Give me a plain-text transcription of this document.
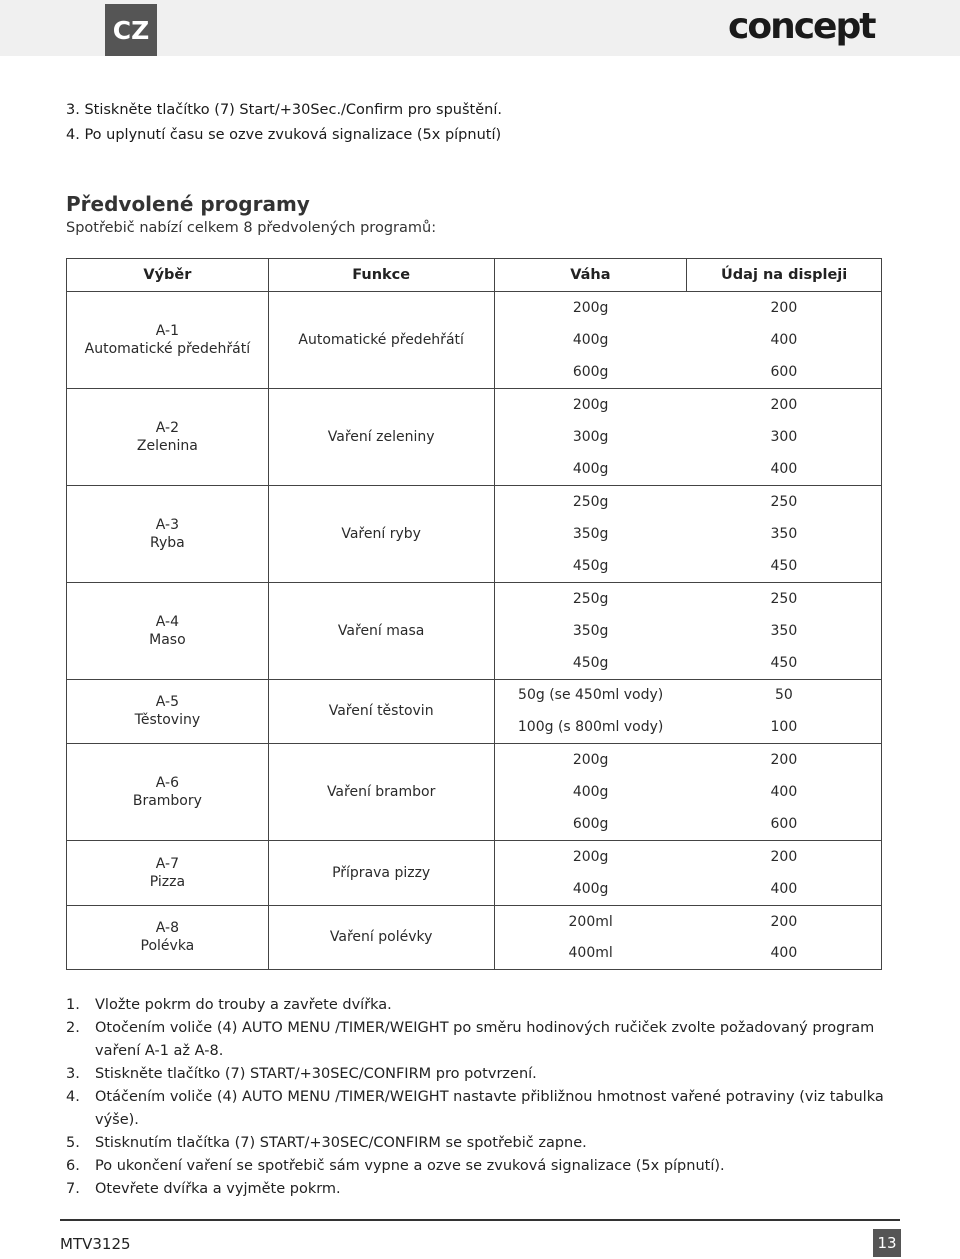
CZ	concept
3. Stiskněte tlačítko (7) Start/+30Sec./Confirm pro spuštění.
4. Po uplynutí času se ozve zvuková signalizace (5x pípnutí)
Předvolené programy
Spotřebič nabízí celkem 8 předvolených programů:
Výběr	Funkce	Váha	Údaj na displeji

A-1
Automatické předehřátí	Automatické předehřátí	200g	200
		400g	400
		600g	600

A-2
Zelenina	Vaření zeleniny	200g	200
		300g	300
		400g	400

A-3
Ryba	Vaření ryby	250g	250
		350g	350
		450g	450

A-4
Maso	Vaření masa	250g	250
		350g	350
		450g	450

A-5
Těstoviny	Vaření těstovin	50g (se 450ml vody)	50
		100g (s 800ml vody)	100

A-6
Brambory	Vaření brambor	200g	200
		400g	400
		600g	600

A-7
Pizza	Příprava pizzy	200g	200
		400g	400

A-8
Polévka	Vaření polévky	200ml	200
		400ml	400
1.	Vložte pokrm do trouby a zavřete dvířka.
2.	Otočením voliče (4) AUTO MENU /TIMER/WEIGHT po směru hodinových ručiček zvolte požadovaný program vaření A-1 až A-8.
3.	Stiskněte tlačítko (7) START/+30SEC/CONFIRM pro potvrzení.
4.	Otáčením voliče (4) AUTO MENU /TIMER/WEIGHT nastavte přibližnou hmotnost vařené potraviny (viz tabulka výše).
5.	Stisknutím tlačítka (7) START/+30SEC/CONFIRM se spotřebič zapne.
6.	Po ukončení vaření se spotřebič sám vypne a ozve se zvuková signalizace (5x pípnutí).
7.	Otevřete dvířka a vyjměte pokrm.
MTV3125	13
